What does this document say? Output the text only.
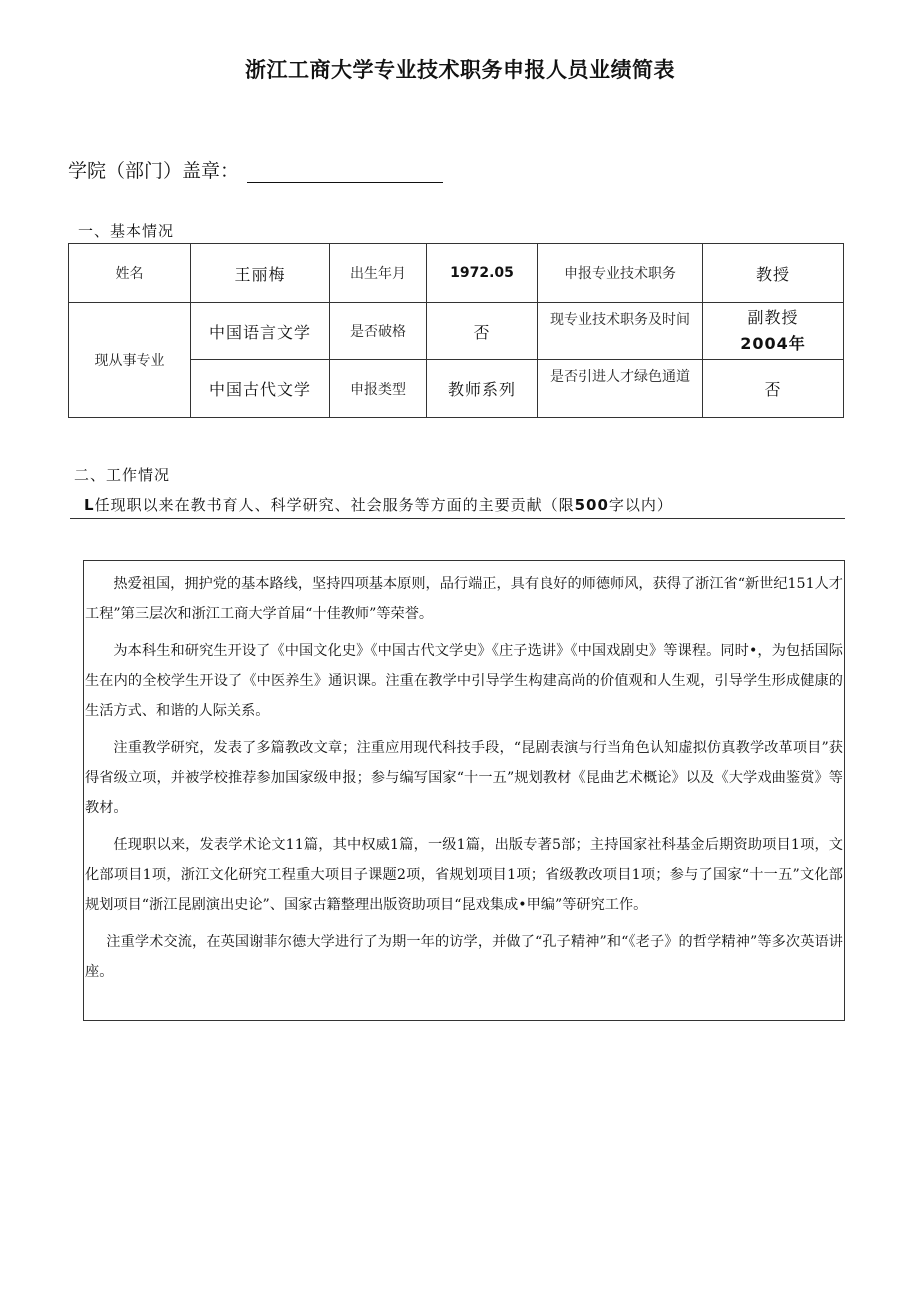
浙江工商大学专业技术职务申报人员业绩简表
学院（部门）盖章：
一、基本情况
姓名	王丽梅	出生年月	1972.05	申报专业技术职务	教授
现从事专业	中国语言文学	是否破格	否	现专业技术职务及时间	副教授
2004年

	中国古代文学	申报类型	教师系列	是否引进人才绿色通道	否
二、工作情况
L任现职以来在教书育人、科学研究、社会服务等方面的主要贡献（限500字以内）

热爱祖国，拥护党的基本路线，坚持四项基本原则，品行端正，具有良好的师德师风，获得了浙江省“新世纪151人才工程”第三层次和浙江工商大学首届“十佳教师”等荣誉。

为本科生和研究生开设了《中国文化史》《中国古代文学史》《庄子选讲》《中国戏剧史》等课程。同时•，为包括国际生在内的全校学生开设了《中医养生》通识课。注重在教学中引导学生构建高尚的价值观和人生观，引导学生形成健康的生活方式、和谐的人际关系。

注重教学研究，发表了多篇教改文章；注重应用现代科技手段，“昆剧表演与行当角色认知虚拟仿真教学改革项目”获得省级立项，并被学校推荐参加国家级申报；参与编写国家“十一五”规划教材《昆曲艺术概论》以及《大学戏曲鉴赏》等教材。

任现职以来，发表学术论文11篇，其中权威1篇，一级1篇，出版专著5部；主持国家社科基金后期资助项目1项，文化部项目1项，浙江文化研究工程重大项目子课题2项，省规划项目1项；省级教改项目1项；参与了国家“十一五”文化部规划项目“浙江昆剧演出史论”、国家古籍整理出版资助项目“昆戏集成•甲编”等研究工作。

注重学术交流，在英国谢菲尔德大学进行了为期一年的访学，并做了“孔子精神”和“《老子》的哲学精神”等多次英语讲座。
